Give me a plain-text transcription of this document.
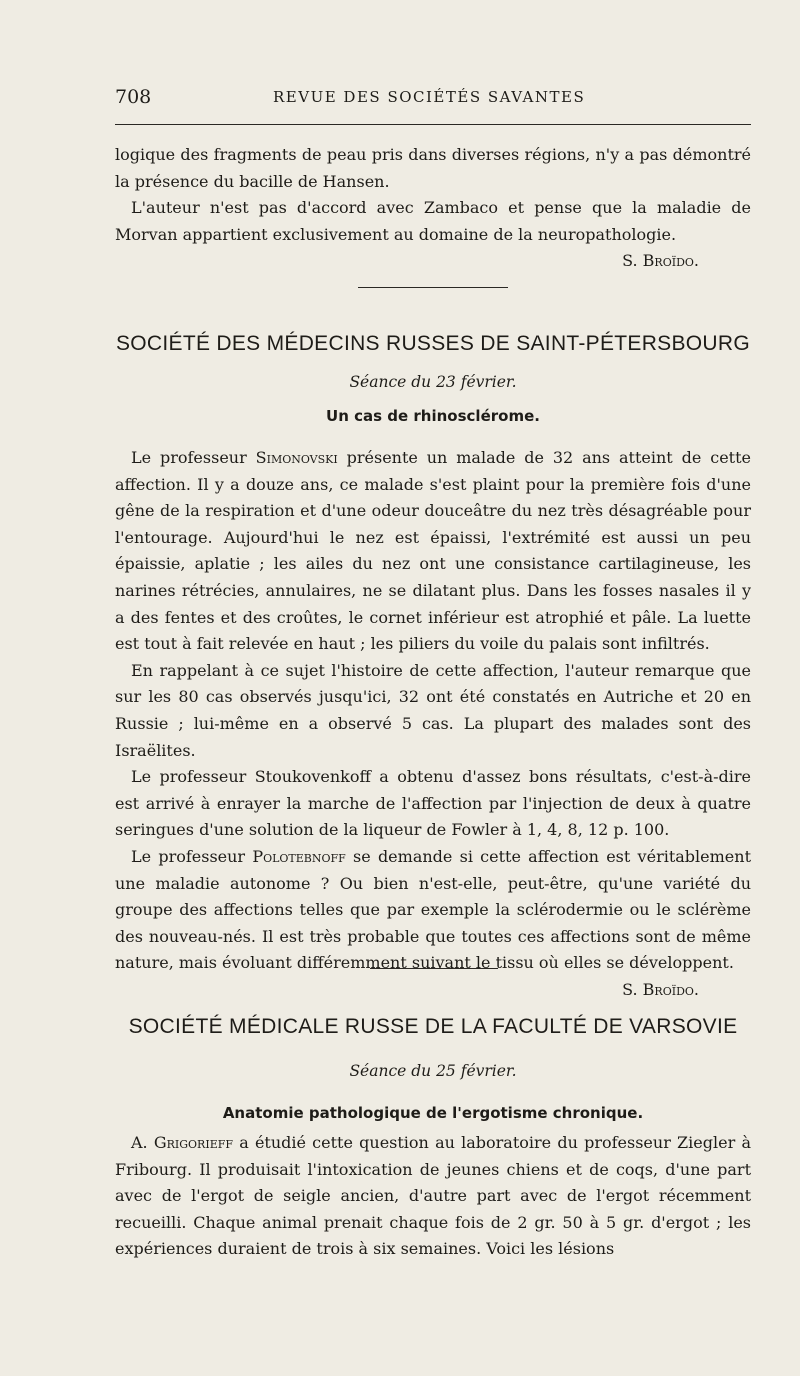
708	REVUE DES SOCIÉTÉS SAVANTES

logique des fragments de peau pris dans diverses régions, n'y a pas démontré la présence du bacille de Hansen.

L'auteur n'est pas d'accord avec Zambaco et pense que la maladie de Morvan appartient exclusivement au domaine de la neuropathologie.

S. Broïdo.

SOCIÉTÉ DES MÉDECINS RUSSES DE SAINT-PÉTERSBOURG
Séance du 23 février.
Un cas de rhinosclérome.

Le professeur Simonovski présente un malade de 32 ans atteint de cette affection. Il y a douze ans, ce malade s'est plaint pour la première fois d'une gêne de la respiration et d'une odeur douceâtre du nez très désagréable pour l'entourage. Aujourd'hui le nez est épaissi, l'extrémité est aussi un peu épaissie, aplatie ; les ailes du nez ont une consistance cartilagineuse, les narines rétrécies, annulaires, ne se dilatant plus. Dans les fosses nasales il y a des fentes et des croûtes, le cornet inférieur est atrophié et pâle. La luette est tout à fait relevée en haut ; les piliers du voile du palais sont infiltrés.

En rappelant à ce sujet l'histoire de cette affection, l'auteur remarque que sur les 80 cas observés jusqu'ici, 32 ont été constatés en Autriche et 20 en Russie ; lui-même en a observé 5 cas. La plupart des malades sont des Israëlites.

Le professeur Stoukovenkoff a obtenu d'assez bons résultats, c'est-à-dire est arrivé à enrayer la marche de l'affection par l'injection de deux à quatre seringues d'une solution de la liqueur de Fowler à 1, 4, 8, 12 p. 100.

Le professeur Polotebnoff se demande si cette affection est véritablement une maladie autonome ? Ou bien n'est-elle, peut-être, qu'une variété du groupe des affections telles que par exemple la sclérodermie ou le sclérème des nouveau-nés. Il est très probable que toutes ces affections sont de même nature, mais évoluant différemment suivant le tissu où elles se développent.

S. Broïdo.

SOCIÉTÉ MÉDICALE RUSSE DE LA FACULTÉ DE VARSOVIE
Séance du 25 février.
Anatomie pathologique de l'ergotisme chronique.

A. Grigorieff a étudié cette question au laboratoire du professeur Ziegler à Fribourg. Il produisait l'intoxication de jeunes chiens et de coqs, d'une part avec de l'ergot de seigle ancien, d'autre part avec de l'ergot récemment recueilli. Chaque animal prenait chaque fois de 2 gr. 50 à 5 gr. d'ergot ; les expériences duraient de trois à six semaines. Voici les lésions
